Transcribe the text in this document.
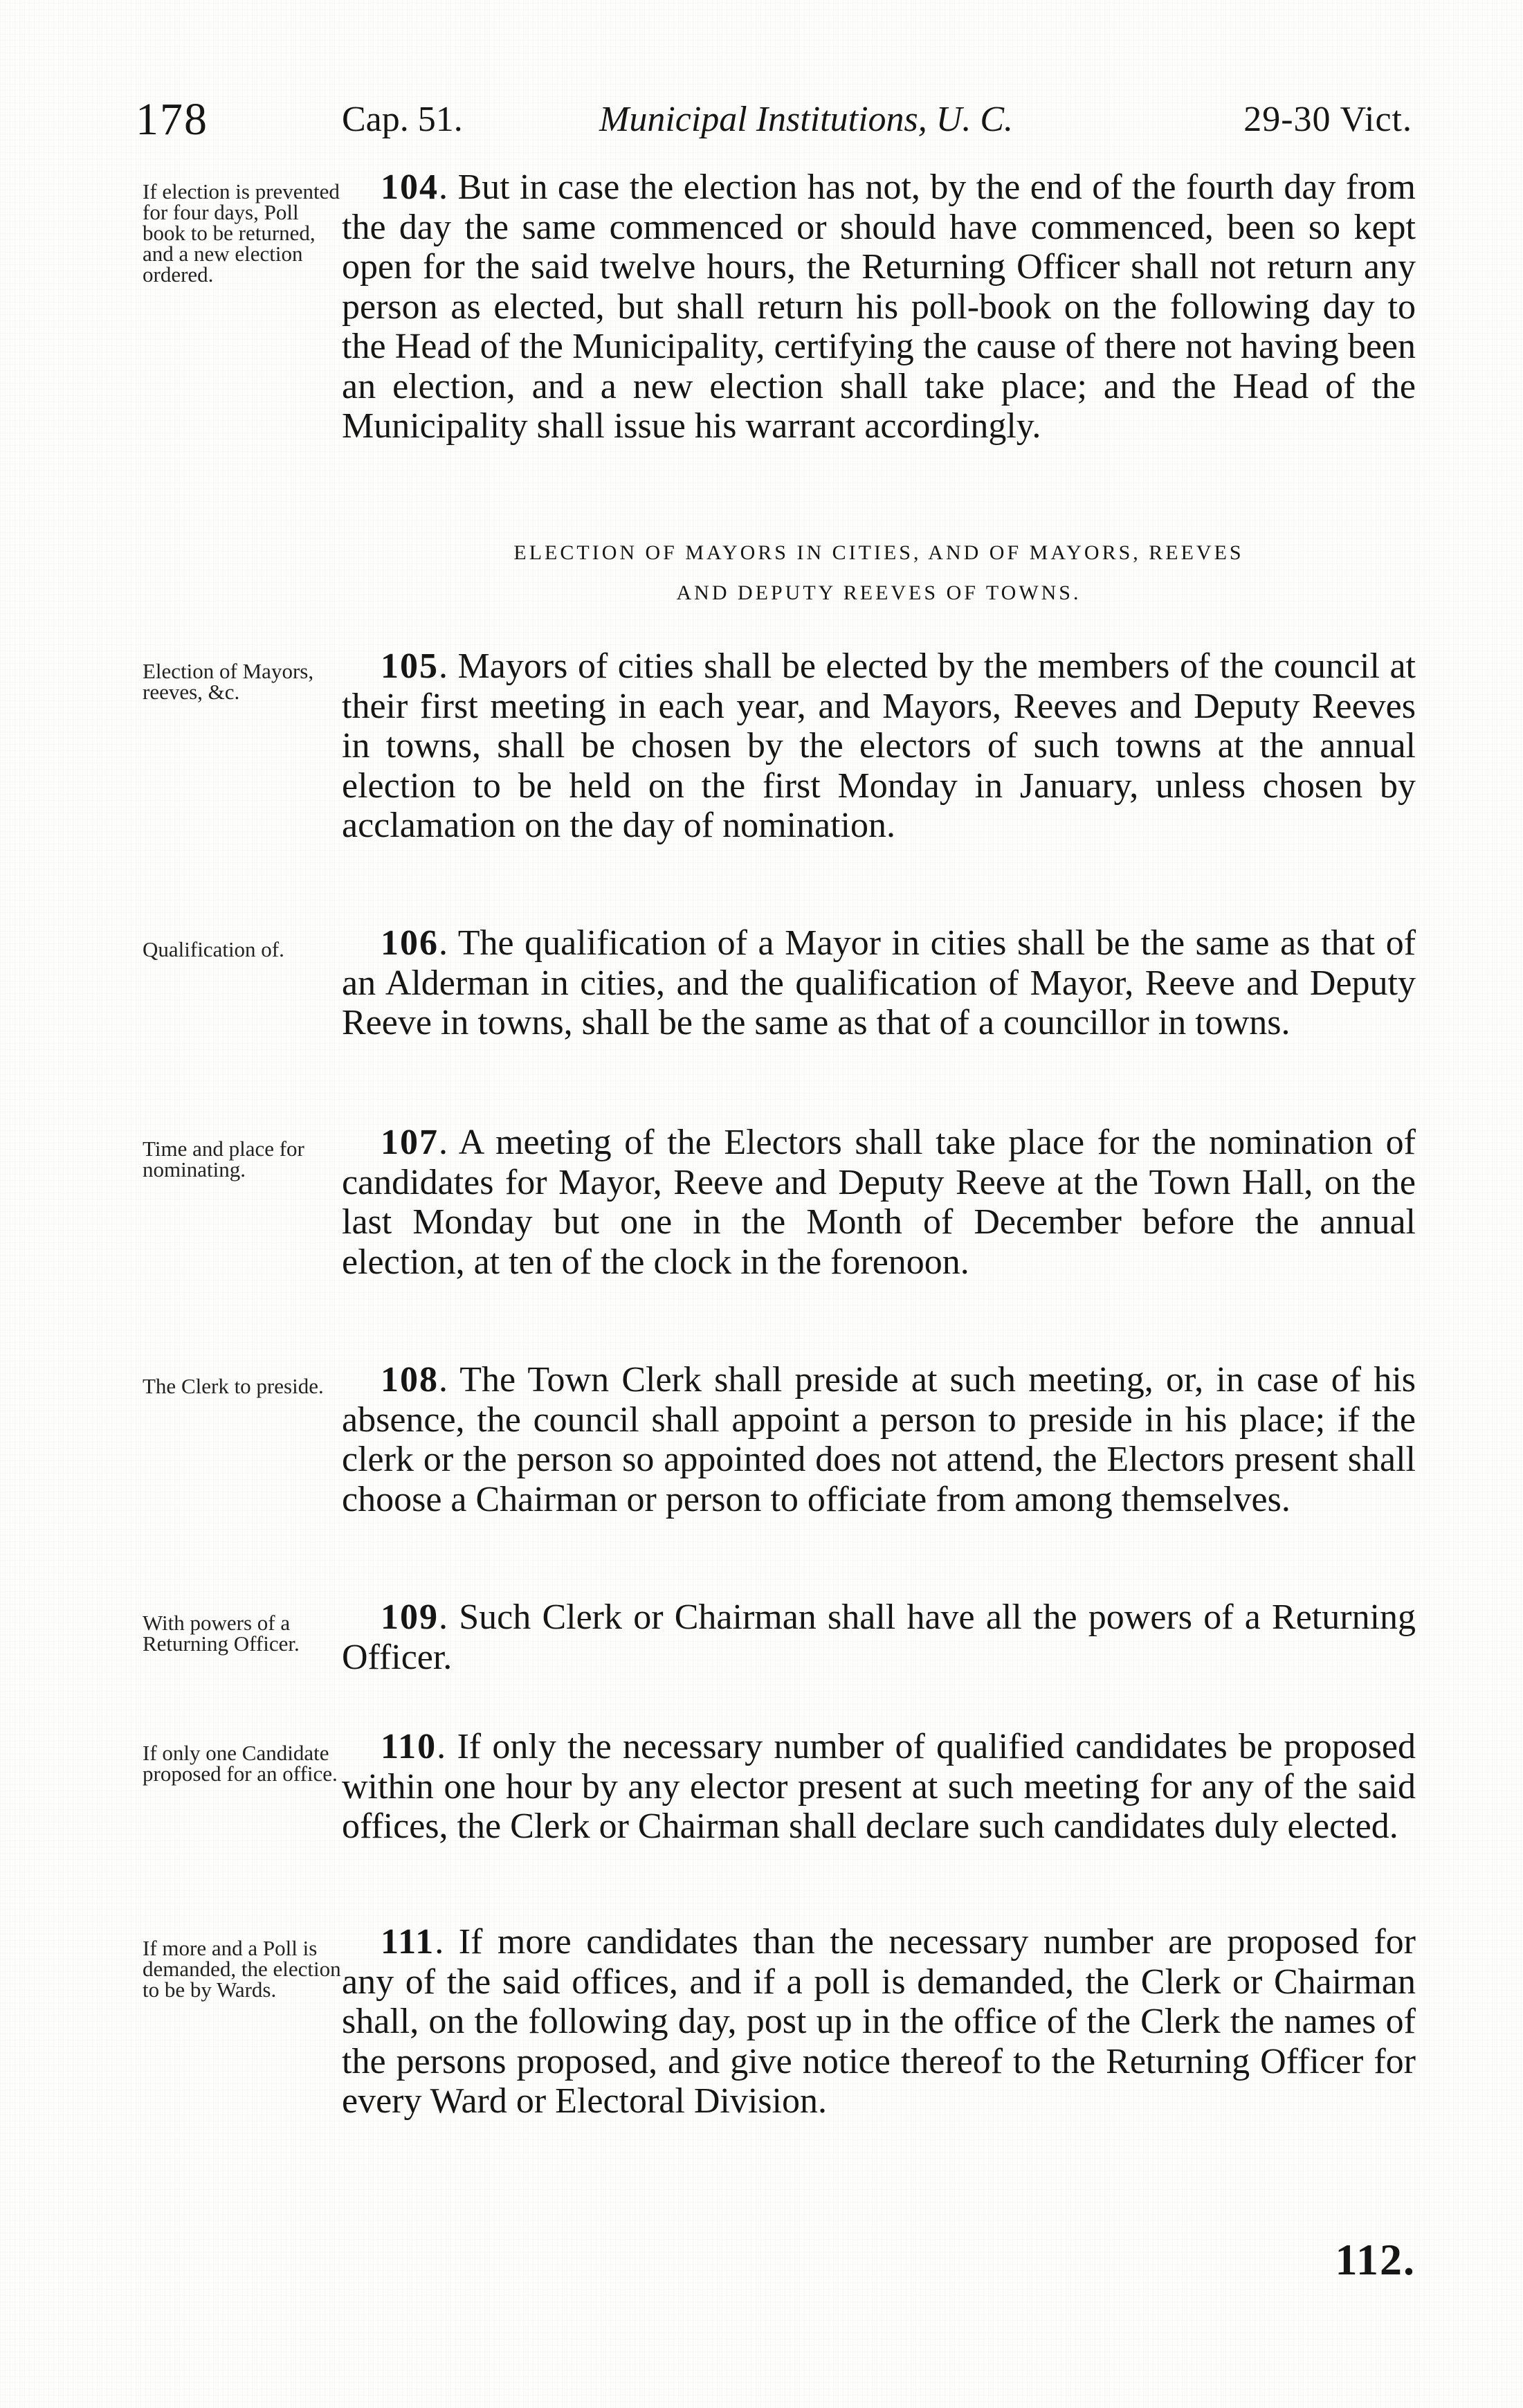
178	Cap. 51.	Municipal Institutions, U. C.	29-30 Vict.
If election is prevented for four days, Poll book to be returned, and a new election ordered.
104. But in case the election has not, by the end of the fourth day from the day the same commenced or should have commenced, been so kept open for the said twelve hours, the Returning Officer shall not return any person as elected, but shall return his poll-book on the following day to the Head of the Municipality, certifying the cause of there not having been an election, and a new election shall take place; and the Head of the Municipality shall issue his warrant accordingly.
ELECTION OF MAYORS IN CITIES, AND OF MAYORS, REEVES
AND DEPUTY REEVES OF TOWNS.
Election of Mayors, reeves, &c.
105. Mayors of cities shall be elected by the members of the council at their first meeting in each year, and Mayors, Reeves and Deputy Reeves in towns, shall be chosen by the electors of such towns at the annual election to be held on the first Monday in January, unless chosen by acclamation on the day of nomination.
Qualification of.	106. The qualification of a Mayor in cities shall be the same as that of an Alderman in cities, and the qualification of Mayor, Reeve and Deputy Reeve in towns, shall be the same as that of a councillor in towns.
Time and place for nominating.
107. A meeting of the Electors shall take place for the nomination of candidates for Mayor, Reeve and Deputy Reeve at the Town Hall, on the last Monday but one in the Month of December before the annual election, at ten of the clock in the forenoon.
The Clerk to preside.	108. The Town Clerk shall preside at such meeting, or, in case of his absence, the council shall appoint a person to preside in his place; if the clerk or the person so appointed does not attend, the Electors present shall choose a Chairman or person to officiate from among themselves.
With powers of a Returning Officer.
109. Such Clerk or Chairman shall have all the powers of a Returning Officer.
If only one Candidate proposed for an office.
110. If only the necessary number of qualified candidates be proposed within one hour by any elector present at such meeting for any of the said offices, the Clerk or Chairman shall declare such candidates duly elected.
If more and a Poll is demanded, the election to be by Wards.
111. If more candidates than the necessary number are proposed for any of the said offices, and if a poll is demanded, the Clerk or Chairman shall, on the following day, post up in the office of the Clerk the names of the persons proposed, and give notice thereof to the Returning Officer for every Ward or Electoral Division.
112.
